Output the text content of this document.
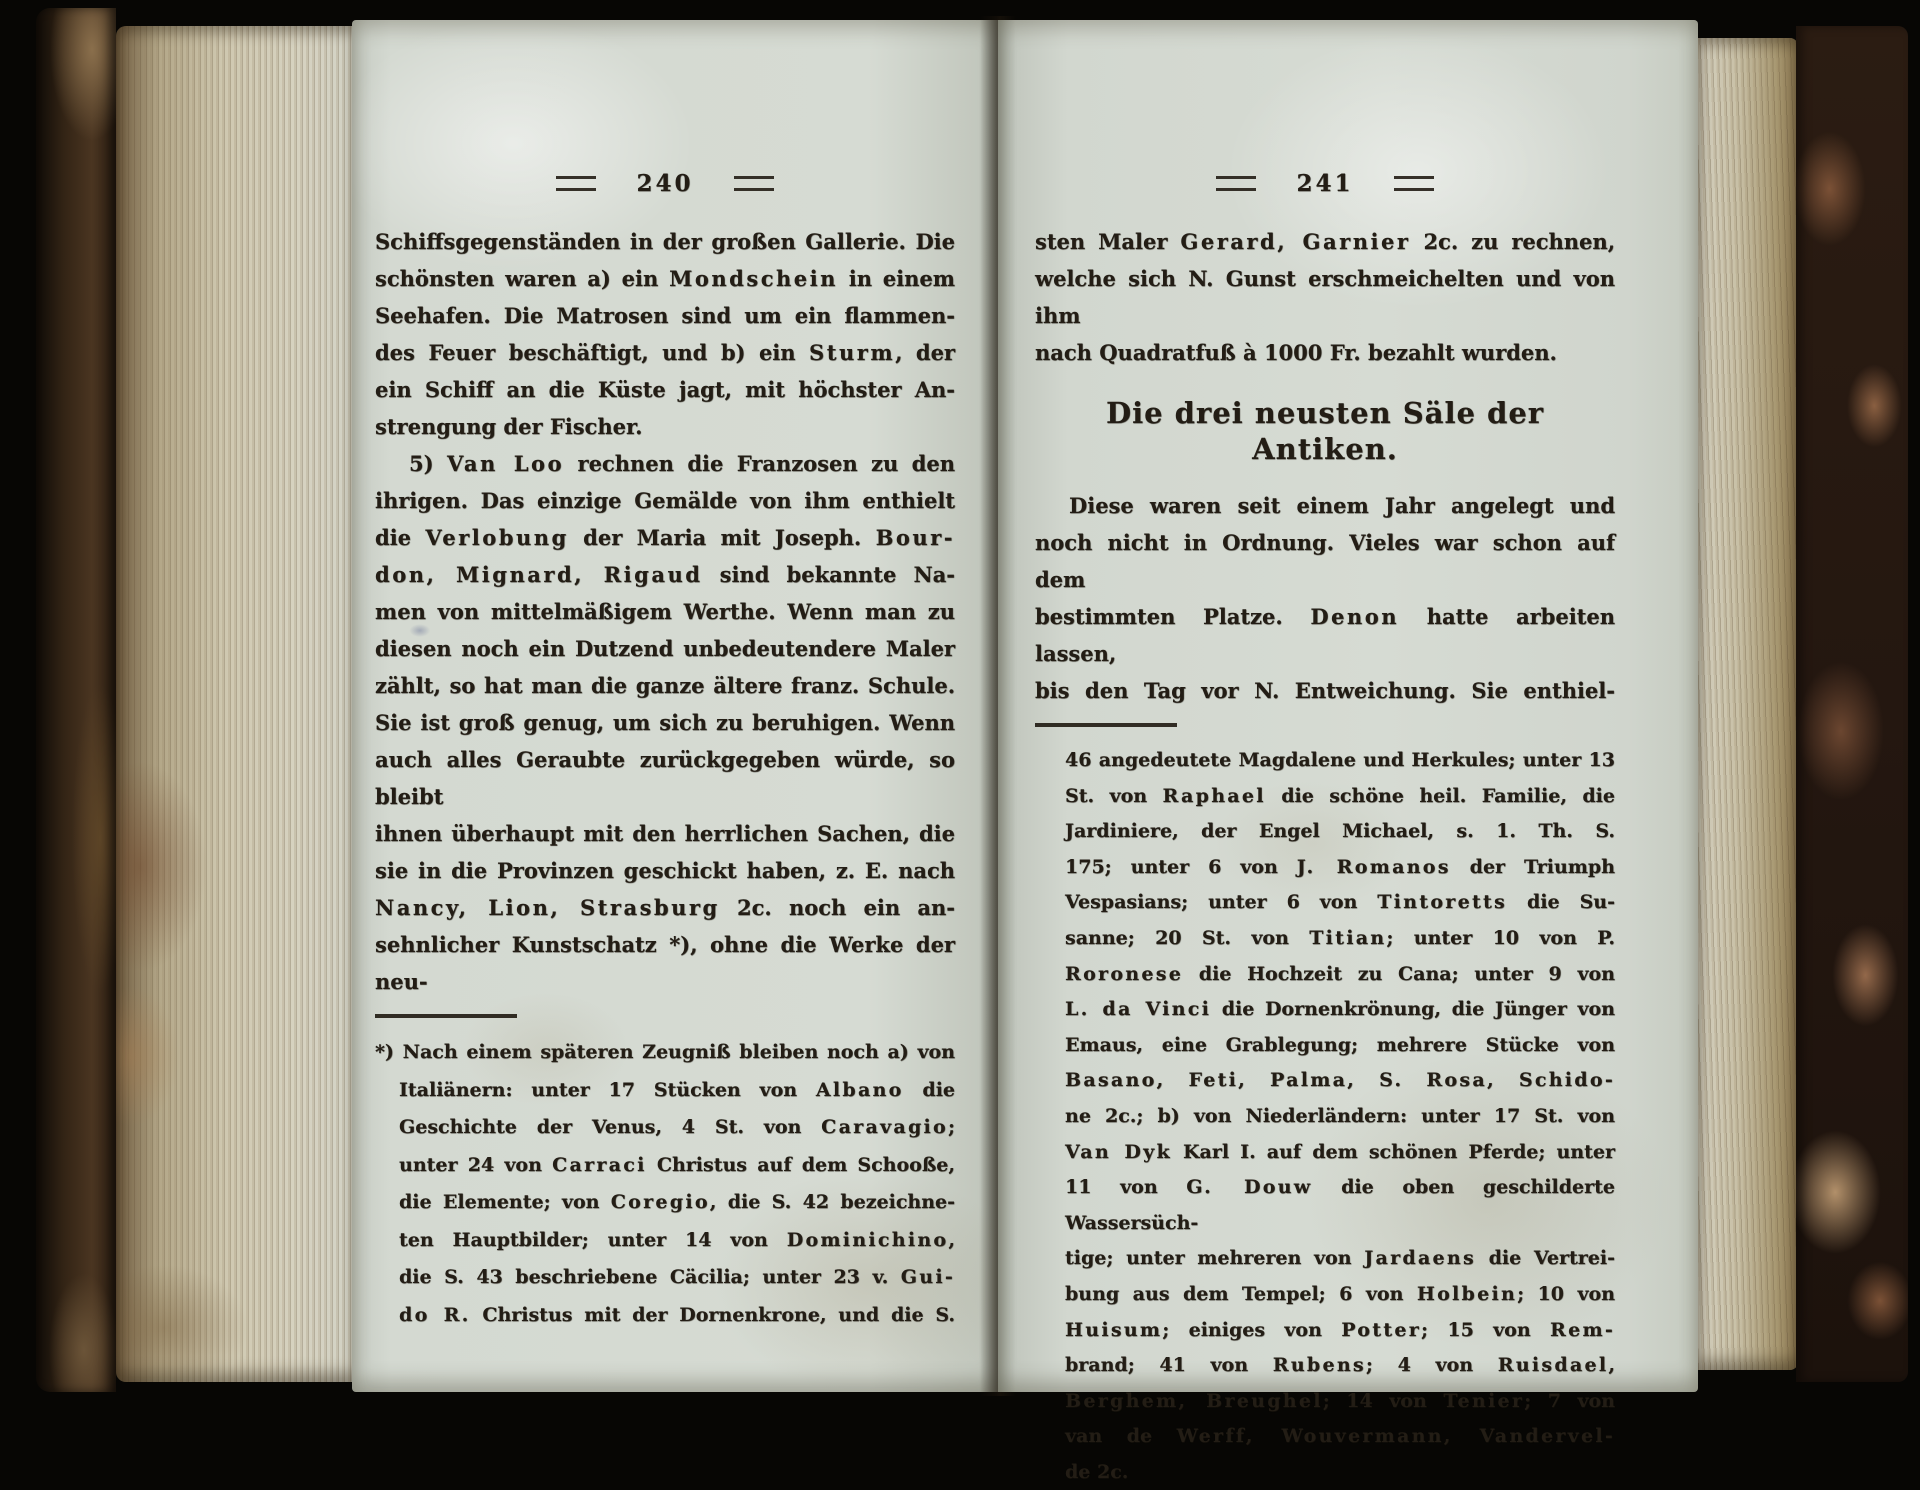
240
Schiffsgegenständen in der großen Gallerie. Die
schönsten waren a) ein Mondschein in einem
Seehafen. Die Matrosen sind um ein flammen-
des Feuer beschäftigt, und b) ein Sturm, der
ein Schiff an die Küste jagt, mit höchster An-
strengung der Fischer.
5) Van Loo rechnen die Franzosen zu den
ihrigen. Das einzige Gemälde von ihm enthielt
die Verlobung der Maria mit Joseph. Bour-
don, Mignard, Rigaud sind bekannte Na-
men von mittelmäßigem Werthe. Wenn man zu
diesen noch ein Dutzend unbedeutendere Maler
zählt, so hat man die ganze ältere franz. Schule.
Sie ist groß genug, um sich zu beruhigen. Wenn
auch alles Geraubte zurückgegeben würde, so bleibt
ihnen überhaupt mit den herrlichen Sachen, die
sie in die Provinzen geschickt haben, z. E. nach
Nancy, Lion, Strasburg 2c. noch ein an-
sehnlicher Kunstschatz *), ohne die Werke der neu-
*) Nach einem späteren Zeugniß bleiben noch a) von
Italiänern: unter 17 Stücken von Albano die
Geschichte der Venus, 4 St. von Caravagio;
unter 24 von Carraci Christus auf dem Schooße,
die Elemente; von Coregio, die S. 42 bezeichne-
ten Hauptbilder; unter 14 von Dominichino,
die S. 43 beschriebene Cäcilia; unter 23 v. Gui-
do R. Christus mit der Dornenkrone, und die S.
241
sten Maler Gerard, Garnier 2c. zu rechnen,
welche sich N. Gunst erschmeichelten und von ihm
nach Quadratfuß à 1000 Fr. bezahlt wurden.
Die drei neusten Säle der Antiken.
Diese waren seit einem Jahr angelegt und
noch nicht in Ordnung. Vieles war schon auf dem
bestimmten Platze. Denon hatte arbeiten lassen,
bis den Tag vor N. Entweichung. Sie enthiel-
46 angedeutete Magdalene und Herkules; unter 13
St. von Raphael die schöne heil. Familie, die
Jardiniere, der Engel Michael, s. 1. Th. S.
175; unter 6 von J. Romanos der Triumph
Vespasians; unter 6 von Tintoretts die Su-
sanne; 20 St. von Titian; unter 10 von P.
Roronese die Hochzeit zu Cana; unter 9 von
L. da Vinci die Dornenkrönung, die Jünger von
Emaus, eine Grablegung; mehrere Stücke von
Basano, Feti, Palma, S. Rosa, Schido-
ne 2c.; b) von Niederländern: unter 17 St. von
Van Dyk Karl I. auf dem schönen Pferde; unter
11 von G. Douw die oben geschilderte Wassersüch-
tige; unter mehreren von Jardaens die Vertrei-
bung aus dem Tempel; 6 von Holbein; 10 von
Huisum; einiges von Potter; 15 von Rem-
brand; 41 von Rubens; 4 von Ruisdael,
Berghem, Breughel; 14 von Tenier; 7 von
van de Werff, Wouvermann, Vandervel-
de 2c.
